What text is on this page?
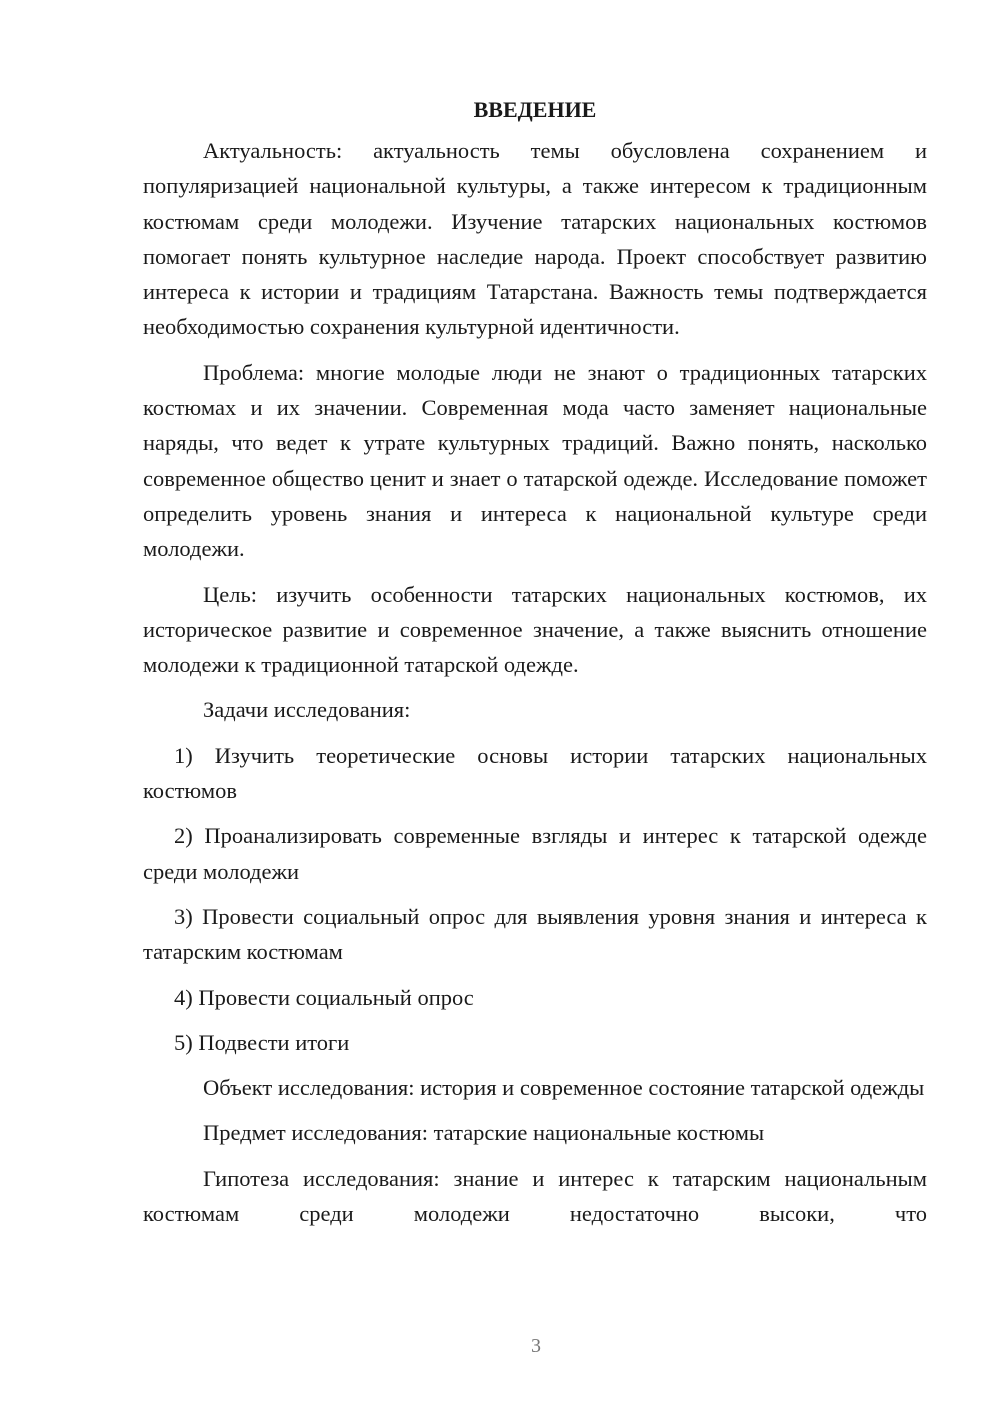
ВВЕДЕНИЕ

Актуальность: актуальность темы обусловлена сохранением и популяризацией национальной культуры, а также интересом к традиционным костюмам среди молодежи. Изучение татарских национальных костюмов помогает понять культурное наследие народа. Проект способствует развитию интереса к истории и традициям Татарстана. Важность темы подтверждается необходимостью сохранения культурной идентичности.

Проблема: многие молодые люди не знают о традиционных татарских костюмах и их значении. Современная мода часто заменяет национальные наряды, что ведет к утрате культурных традиций. Важно понять, насколько современное общество ценит и знает о татарской одежде. Исследование поможет определить уровень знания и интереса к национальной культуре среди молодежи.

Цель: изучить особенности татарских национальных костюмов, их историческое развитие и современное значение, а также выяснить отношение молодежи к традиционной татарской одежде.

Задачи исследования:

1) Изучить теоретические основы истории татарских национальных костюмов

2) Проанализировать современные взгляды и интерес к татарской одежде среди молодежи

3) Провести социальный опрос для выявления уровня знания и интереса к татарским костюмам

4) Провести социальный опрос

5) Подвести итоги

Объект исследования: история и современное состояние татарской одежды

Предмет исследования: татарские национальные костюмы

Гипотеза исследования: знание и интерес к татарским национальным костюмам среди молодежи недостаточно высоки, что

3
